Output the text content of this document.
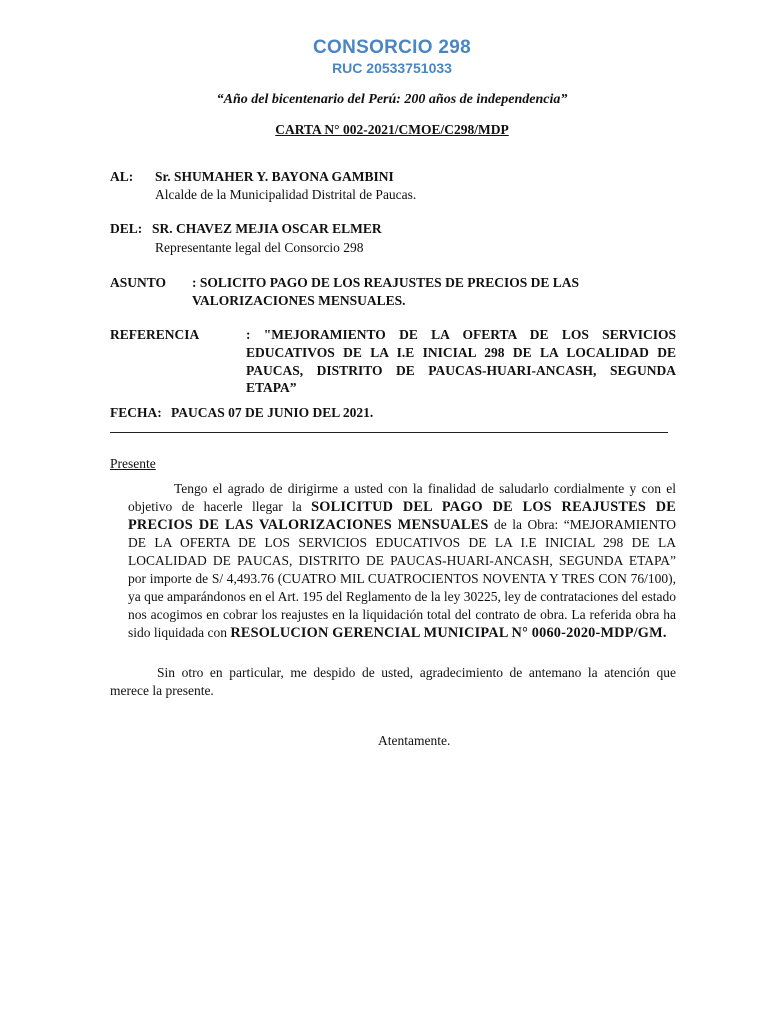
CONSORCIO 298
RUC 20533751033
“Año del bicentenario del Perú: 200 años de independencia”
CARTA N° 002-2021/CMOE/C298/MDP
AL: Sr. SHUMAHER Y. BAYONA GAMBINI
Alcalde de la Municipalidad Distrital de Paucas.
DEL: SR. CHAVEZ MEJIA OSCAR ELMER
Representante legal del Consorcio 298
ASUNTO : SOLICITO PAGO DE LOS REAJUSTES DE PRECIOS DE LAS
VALORIZACIONES MENSUALES.
REFERENCIA	: "MEJORAMIENTO DE LA OFERTA DE LOS SERVICIOS
EDUCATIVOS DE LA I.E INICIAL 298 DE LA LOCALIDAD DE
PAUCAS, DISTRITO DE PAUCAS-HUARI-ANCASH, SEGUNDA
ETAPA”
FECHA: PAUCAS 07 DE JUNIO DEL 2021.
Presente
Tengo el agrado de dirigirme a usted con la finalidad de saludarlo cordialmente y con el objetivo de hacerle llegar la SOLICITUD DEL PAGO DE LOS REAJUSTES DE PRECIOS DE LAS VALORIZACIONES MENSUALES de la Obra: “MEJORAMIENTO DE LA OFERTA DE LOS SERVICIOS EDUCATIVOS DE LA I.E INICIAL 298 DE LA LOCALIDAD DE PAUCAS, DISTRITO DE PAUCAS-HUARI-ANCASH, SEGUNDA ETAPA” por importe de S/ 4,493.76 (CUATRO MIL CUATROCIENTOS NOVENTA Y TRES CON 76/100), ya que amparándonos en el Art. 195 del Reglamento de la ley 30225, ley de contrataciones del estado nos acogimos en cobrar los reajustes en la liquidación total del contrato de obra. La referida obra ha sido liquidada con RESOLUCION GERENCIAL MUNICIPAL N° 0060-2020-MDP/GM.
Sin otro en particular, me despido de usted, agradecimiento de antemano la atención que merece la presente.
Atentamente.
